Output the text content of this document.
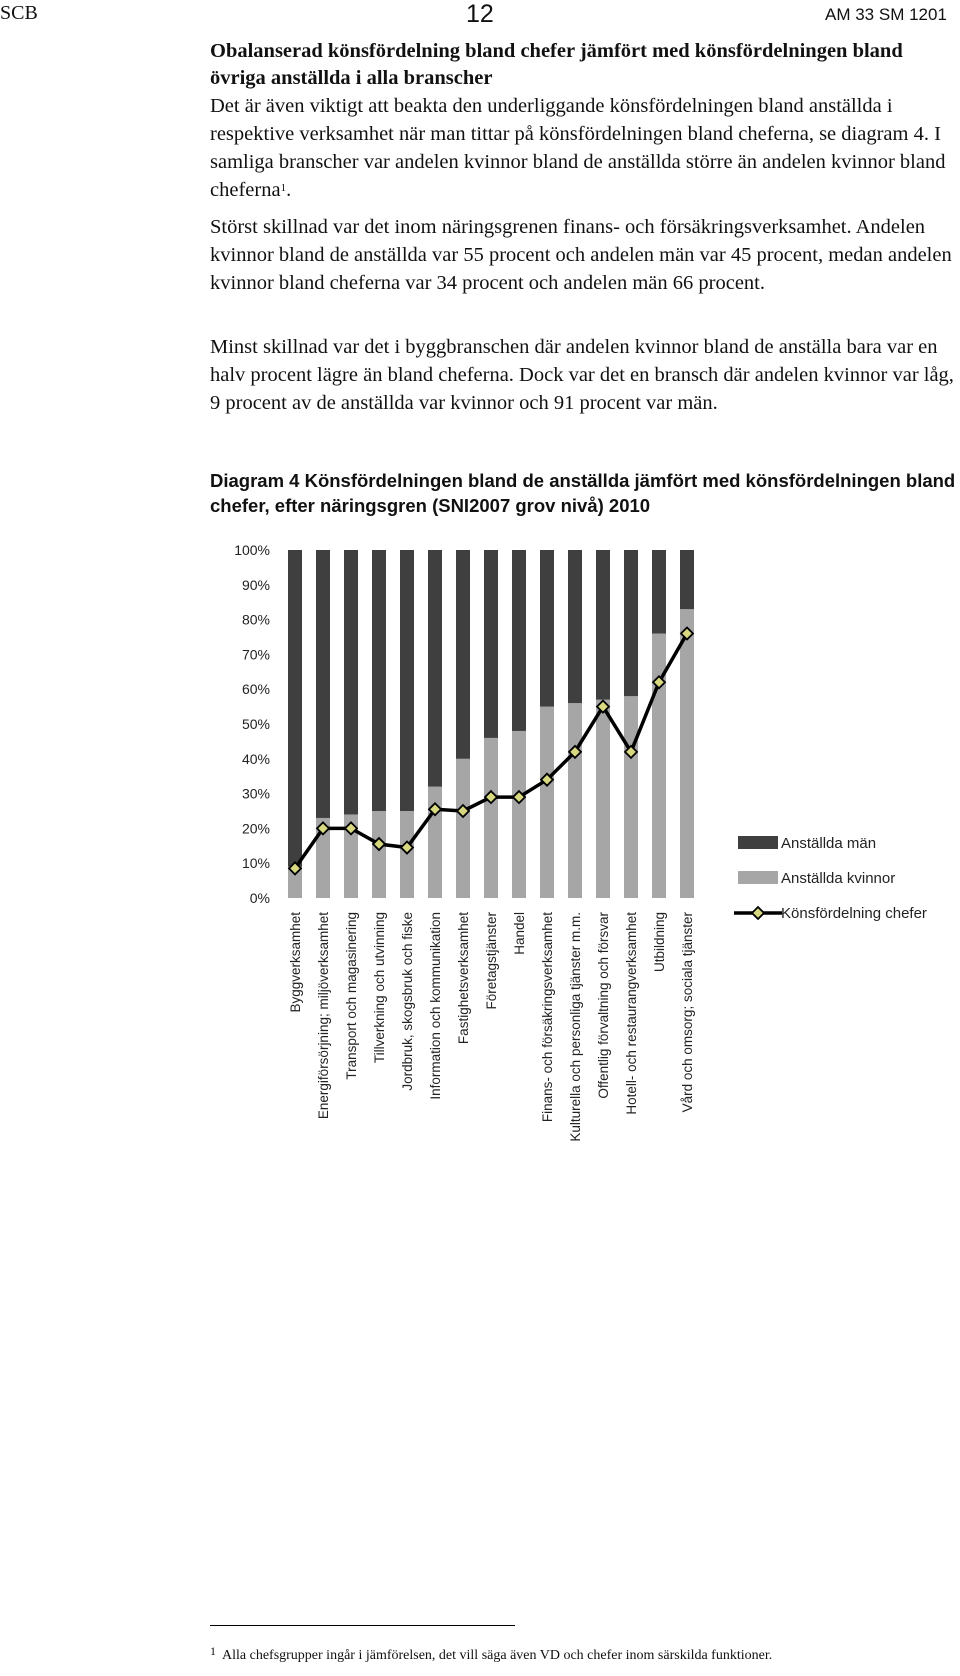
SCB	12	AM 33 SM 1201
Obalanserad könsfördelning bland chefer jämfört med könsfördelningen bland övriga anställda i alla branscher

Det är även viktigt att beakta den underliggande könsfördelningen bland anställda i respektive verksamhet när man tittar på könsfördelningen bland cheferna, se diagram 4. I samliga branscher var andelen kvinnor bland de anställda större än andelen kvinnor bland cheferna$^1$.

Störst skillnad var det inom näringsgrenen finans- och försäkringsverksamhet. Andelen kvinnor bland de anställda var 55 procent och andelen män var 45 procent, medan andelen kvinnor bland cheferna var 34 procent och andelen män 66 procent.

Minst skillnad var det i byggbranschen där andelen kvinnor bland de anställa bara var en halv procent lägre än bland cheferna. Dock var det en bransch där andelen kvinnor var låg, 9 procent av de anställda var kvinnor och 91 procent var män.

Diagram 4 Könsfördelningen bland de anställda jämfört med könsfördelningen bland chefer, efter näringsgren (SNI2007 grov nivå) 2010
0%
10%
20%
30%
40%
50%
60%
70%
80%
90%
100%
Byggverksamhet Energiförsörjning; miljöverksamhet Transport och magasinering Tillverkning och utvinning Jordbruk, skogsbruk och fiske Information och kommunikation Fastighetsverksamhet Företagstjänster Handel Finans- och försäkringsverksamhet Kulturella och personliga tjänster m.m. Offentlig förvaltning och försvar Hotell- och restaurangverksamhet Utbildning Vård och omsorg; sociala tjänster
Anställda män
Anställda kvinnor
Könsfördelning chefer
$^1$ Alla chefsgrupper ingår i jämförelsen, det vill säga även VD och chefer inom särskilda funktioner.
